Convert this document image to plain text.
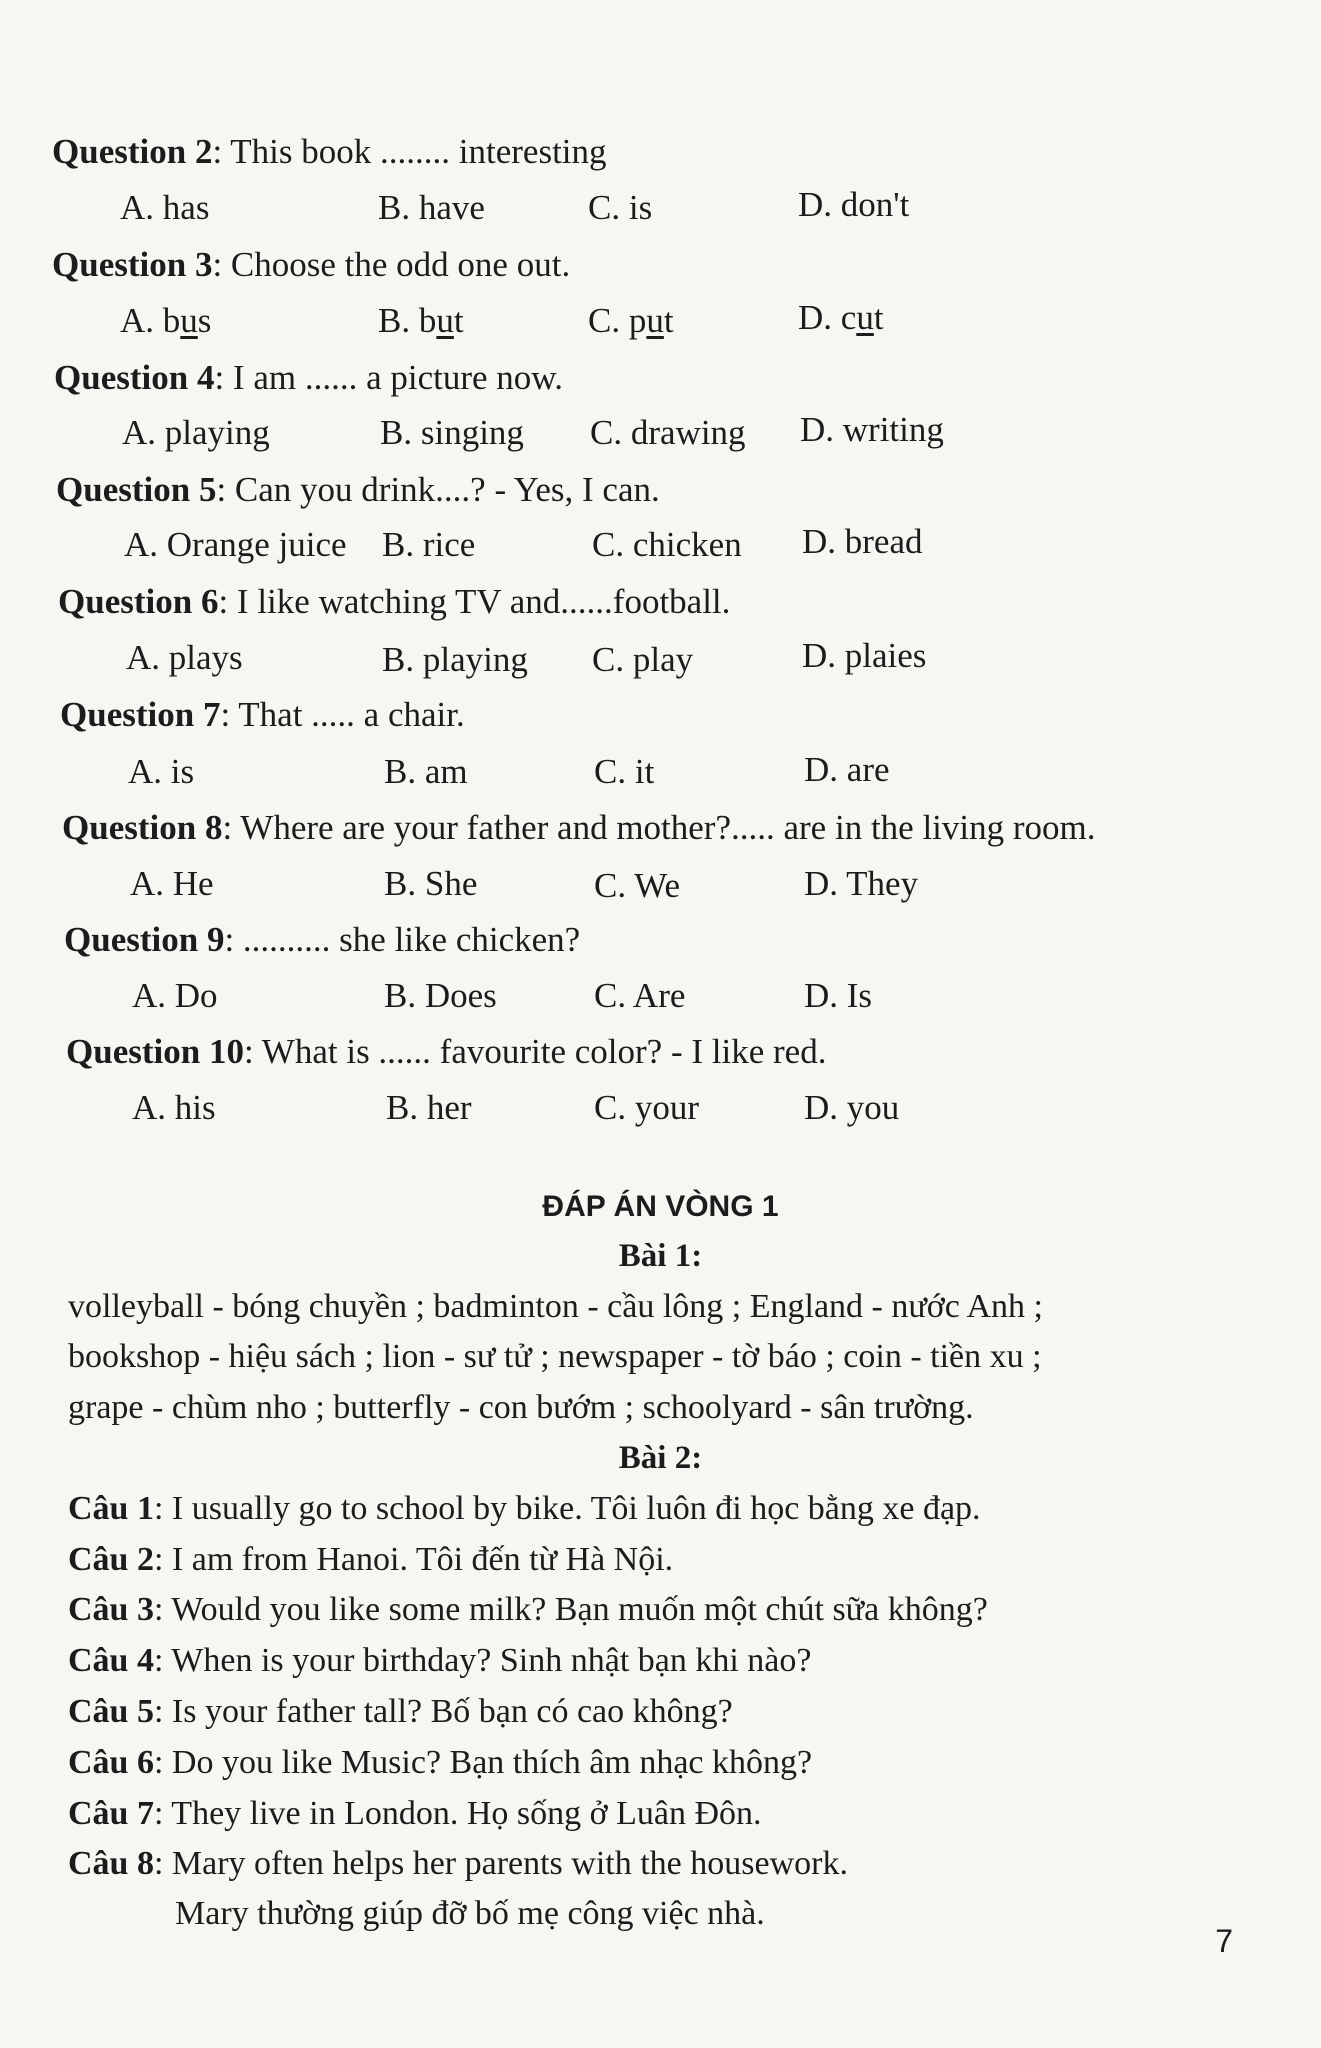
Question 2: This book ........ interesting
A. has	B. have	C. is	D. don't
Question 3: Choose the odd one out.
A. bus	B. but	C. put	D. cut
Question 4: I am ...... a picture now.
A. playing	B. singing C. drawing D. writing
Question 5: Can you drink....? - Yes, I can.
A. Orange juice B. rice	C. chicken D. bread
Question 6: I like watching TV and......football.
A. plays	B. playing C. play	D. plaies
Question 7: That ..... a chair.
A. is	B. am	C. it	D. are
Question 8: Where are your father and mother?..... are in the living room.
A. He	B. She	C. We	D. They
Question 9: .......... she like chicken?
A. Do	B. Does	C. Are	D. Is
Question 10: What is ...... favourite color? - I like red.
A. his	B. her	C. your	D. you
ĐÁP ÁN VÒNG 1
Bài 1:
volleyball - bóng chuyền ; badminton - cầu lông ; England - nước Anh ;
bookshop - hiệu sách ; lion - sư tử ; newspaper - tờ báo ; coin - tiền xu ;
grape - chùm nho ; butterfly - con bướm ; schoolyard - sân trường.
Bài 2:
Câu 1: I usually go to school by bike. Tôi luôn đi học bằng xe đạp.
Câu 2: I am from Hanoi. Tôi đến từ Hà Nội.
Câu 3: Would you like some milk? Bạn muốn một chút sữa không?
Câu 4: When is your birthday? Sinh nhật bạn khi nào?
Câu 5: Is your father tall? Bố bạn có cao không?
Câu 6: Do you like Music? Bạn thích âm nhạc không?
Câu 7: They live in London. Họ sống ở Luân Đôn.
Câu 8: Mary often helps her parents with the housework.
Mary thường giúp đỡ bố mẹ công việc nhà.
7
